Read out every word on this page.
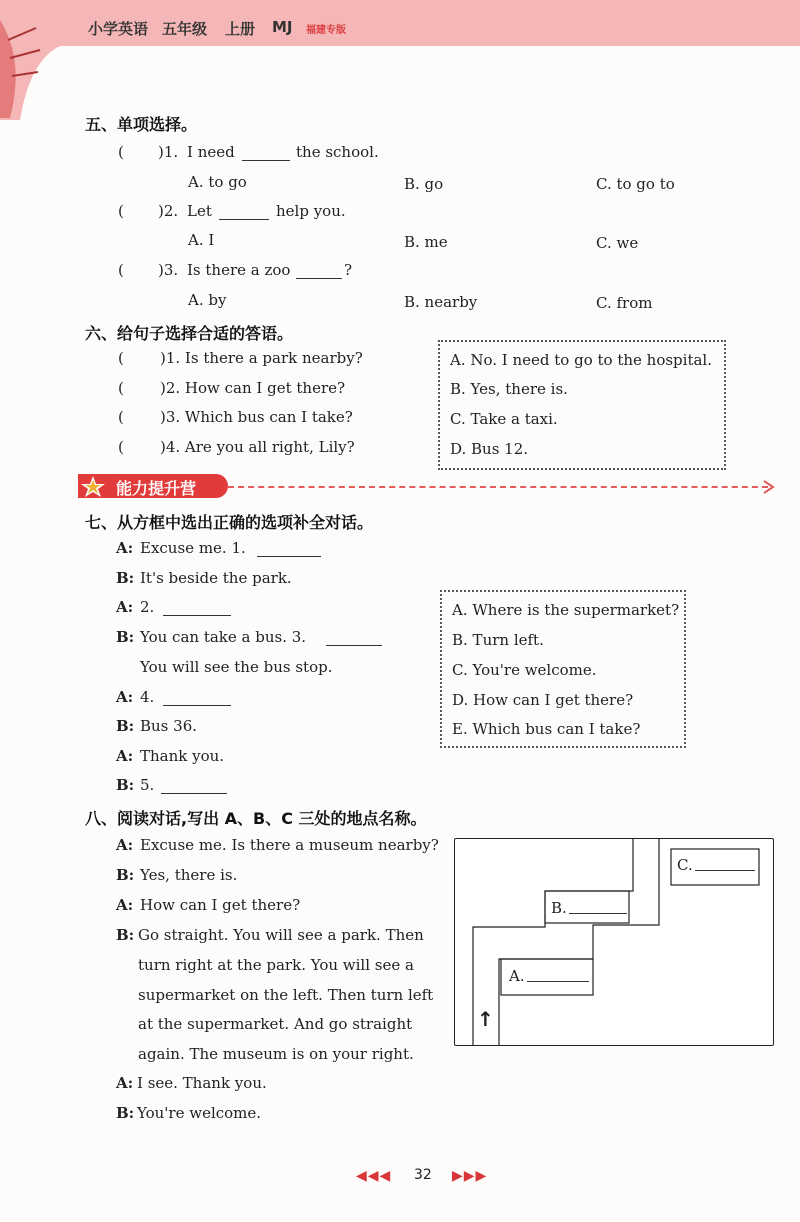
小学英语 五年级 上册 MJ 福建专版
五、单项选择。
( )1. I need	the school.
A. to go	B. go	C. to go to
( )2. Let	help you.
A. I	B. me	C. we
( )3. Is there a zoo	?
A. by	B. nearby	C. from
六、给句子选择合适的答语。
( )1. Is there a park nearby?
( )2. How can I get there?
( )3. Which bus can I take?
( )4. Are you all right, Lily?
A. No. I need to go to the hospital.
B. Yes, there is.
C. Take a taxi.
D. Bus 12.
能力提升营
七、从方框中选出正确的选项补全对话。
A: Excuse me. 1.
B: It's beside the park.
A: 2.
B: You can take a bus. 3.
You will see the bus stop.
A: 4.
B: Bus 36.
A: Thank you.
B: 5.
A. Where is the supermarket?
B. Turn left.
C. You're welcome.
D. How can I get there?
E. Which bus can I take?
八、阅读对话,写出 A、B、C 三处的地点名称。
A: Excuse me. Is there a museum nearby?
B: Yes, there is.
A: How can I get there?
B: Go straight. You will see a park. Then
turn right at the park. You will see a
supermarket on the left. Then turn left
at the supermarket. And go straight
again. The museum is on your right.
A: I see. Thank you.
B: You're welcome.
C.
B.
A.
↑
◀◀◀ 32 ▶▶▶
